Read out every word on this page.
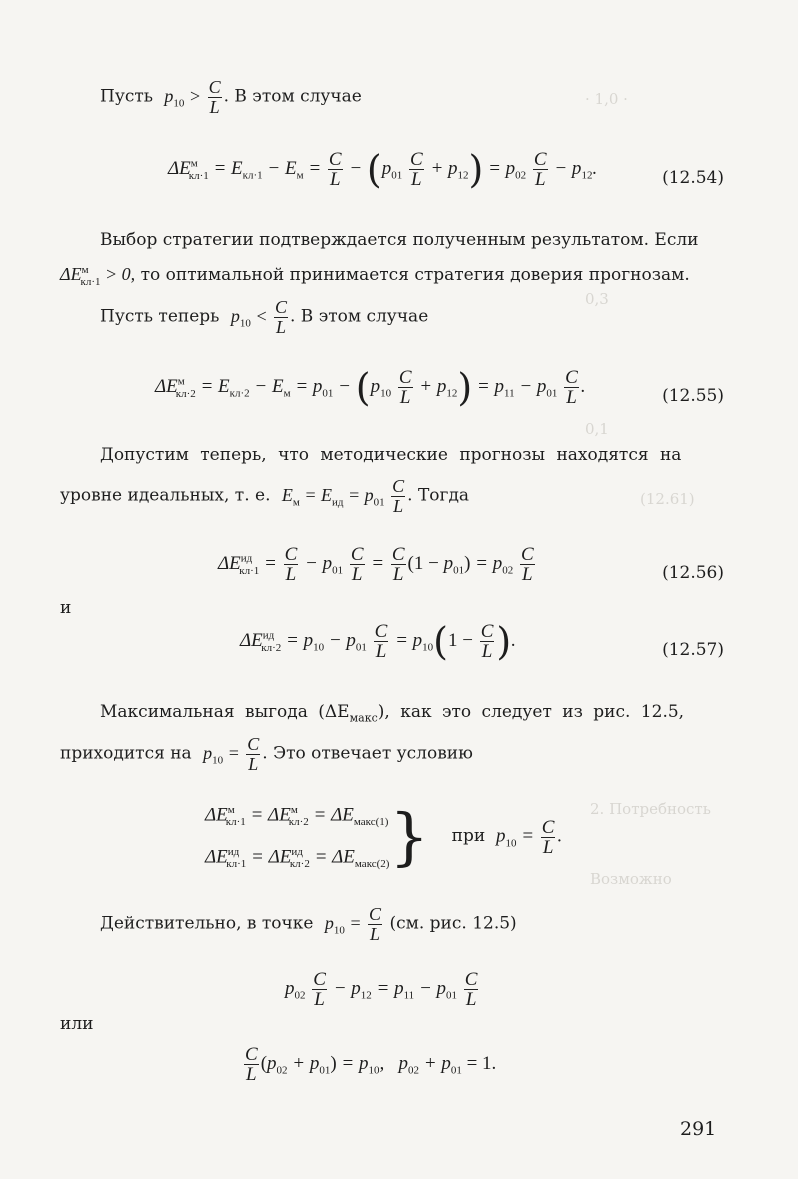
· 1,0 ·
0,3
0,1
(12.61)
2. Потребность
Возможно
Пусть $p_{10} > \frac{C}{L}$ . В этом случае
$\Delta E^м_{кл\cdot 1} = E_{кл\cdot 1} - E_м = \frac{C}{L} - (p_{01} \frac{C}{L} + p_{12}) = p_{02} \frac{C}{L} - p_{12}$.	(12.54)
Выбор стратегии подтверждается полученным результатом. Если
$\Delta E^м_{кл\cdot 1} > 0$, то оптимальной принимается стратегия доверия прогнозам.
Пусть теперь $p_{10} < \frac{C}{L}$ . В этом случае
$\Delta E^м_{кл\cdot 2} = E_{кл\cdot 2} - E_м = p_{01} - (p_{10} \frac{C}{L} + p_{12}) = p_{11} - p_{01} \frac{C}{L}$ .	(12.55)
Допустим теперь, что методические прогнозы находятся на
уровне идеальных, т. е. $E_м = E_{ид} = p_{01} \frac{C}{L}$ . Тогда
$\Delta E^{ид}_{кл\cdot 1} = \frac{C}{L} - p_{01} \frac{C}{L} = \frac{C}{L} (1 - p_{01}) = p_{02} \frac{C}{L}$	(12.56)
и
$\Delta E^{ид}_{кл\cdot 2} = p_{10} - p_{01} \frac{C}{L} = p_{10}(1 - \frac{C}{L}$ ).	(12.57)
Максимальная выгода $(\Delta E_{макс})$, как это следует из рис. 12.5,
приходится на $p_{10} = \frac{C}{L}$ . Это отвечает условию
$\Delta E^м_{кл\cdot 1} = \Delta E^м_{кл\cdot 2} = \Delta E_{макс(1)}$
$\Delta E^{ид}_{кл\cdot 1} = \Delta E^{ид}_{кл\cdot 2} = \Delta E_{макс(2)}$} при $p_{10} = \frac{C}{L}$ .
Действительно, в точке $p_{10} = \frac{C}{L} (см$. рис. 12.5)
$p_{02} \frac{C}{L} - p_{12} = p_{11} - p_{01} \frac{C}{L}$
или
$\frac{C}{L} (p_{02} + p_{01}) = p_{10}$,   $p_{02} + p_{01} = 1$.
291
